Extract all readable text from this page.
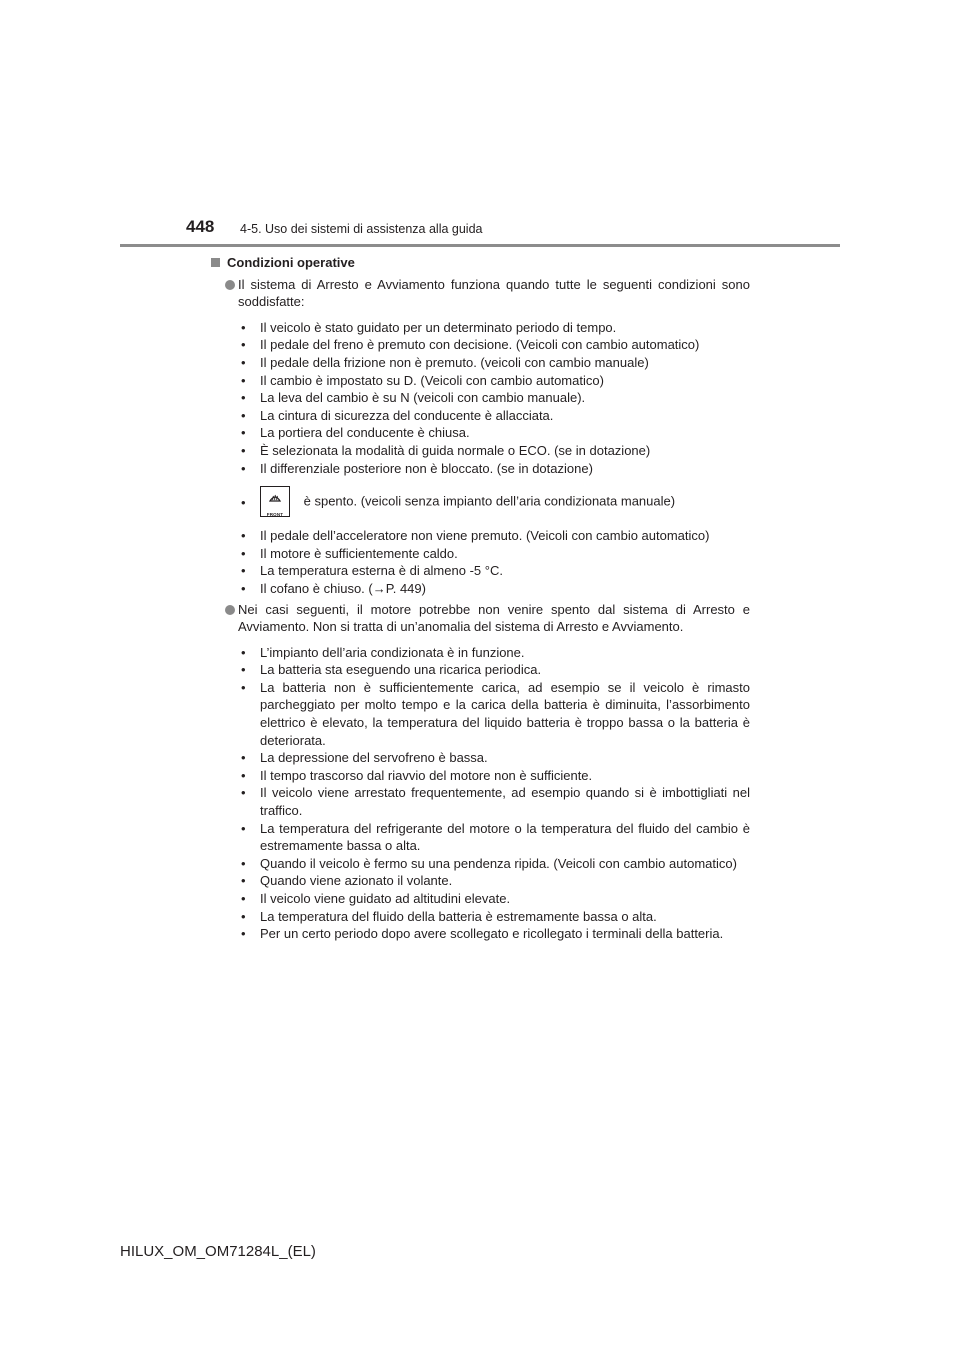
448 4-5. Uso dei sistemi di assistenza alla guida
Condizioni operative
Il sistema di Arresto e Avviamento funziona quando tutte le seguenti condizioni sono soddisfatte:
• Il veicolo è stato guidato per un determinato periodo di tempo.
• Il pedale del freno è premuto con decisione. (Veicoli con cambio automatico)
• Il pedale della frizione non è premuto. (veicoli con cambio manuale)
• Il cambio è impostato su D. (Veicoli con cambio automatico)
• La leva del cambio è su N (veicoli con cambio manuale).
• La cintura di sicurezza del conducente è allacciata.
• La portiera del conducente è chiusa.
• È selezionata la modalità di guida normale o ECO. (se in dotazione)
• Il differenziale posteriore non è bloccato. (se in dotazione)
•
FRONT
è spento. (veicoli senza impianto dell’aria condizionata manuale)
• Il pedale dell’acceleratore non viene premuto. (Veicoli con cambio automatico)
• Il motore è sufficientemente caldo.
• La temperatura esterna è di almeno -5 °C.
• Il cofano è chiuso. (→P. 449)
Nei casi seguenti, il motore potrebbe non venire spento dal sistema di Arresto e Avviamento. Non si tratta di un’anomalia del sistema di Arresto e Avviamento.
• L’impianto dell’aria condizionata è in funzione.
• La batteria sta eseguendo una ricarica periodica.
• La batteria non è sufficientemente carica, ad esempio se il veicolo è rimasto parcheggiato per molto tempo e la carica della batteria è diminuita, l’assorbimento elettrico è elevato, la temperatura del liquido batteria è troppo bassa o la batteria è deteriorata.
• La depressione del servofreno è bassa.
• Il tempo trascorso dal riavvio del motore non è sufficiente.
• Il veicolo viene arrestato frequentemente, ad esempio quando si è imbottigliati nel traffico.
• La temperatura del refrigerante del motore o la temperatura del fluido del cambio è estremamente bassa o alta.
• Quando il veicolo è fermo su una pendenza ripida. (Veicoli con cambio automatico)
• Quando viene azionato il volante.
• Il veicolo viene guidato ad altitudini elevate.
• La temperatura del fluido della batteria è estremamente bassa o alta.
• Per un certo periodo dopo avere scollegato e ricollegato i terminali della batteria.
HILUX_OM_OM71284L_(EL)
